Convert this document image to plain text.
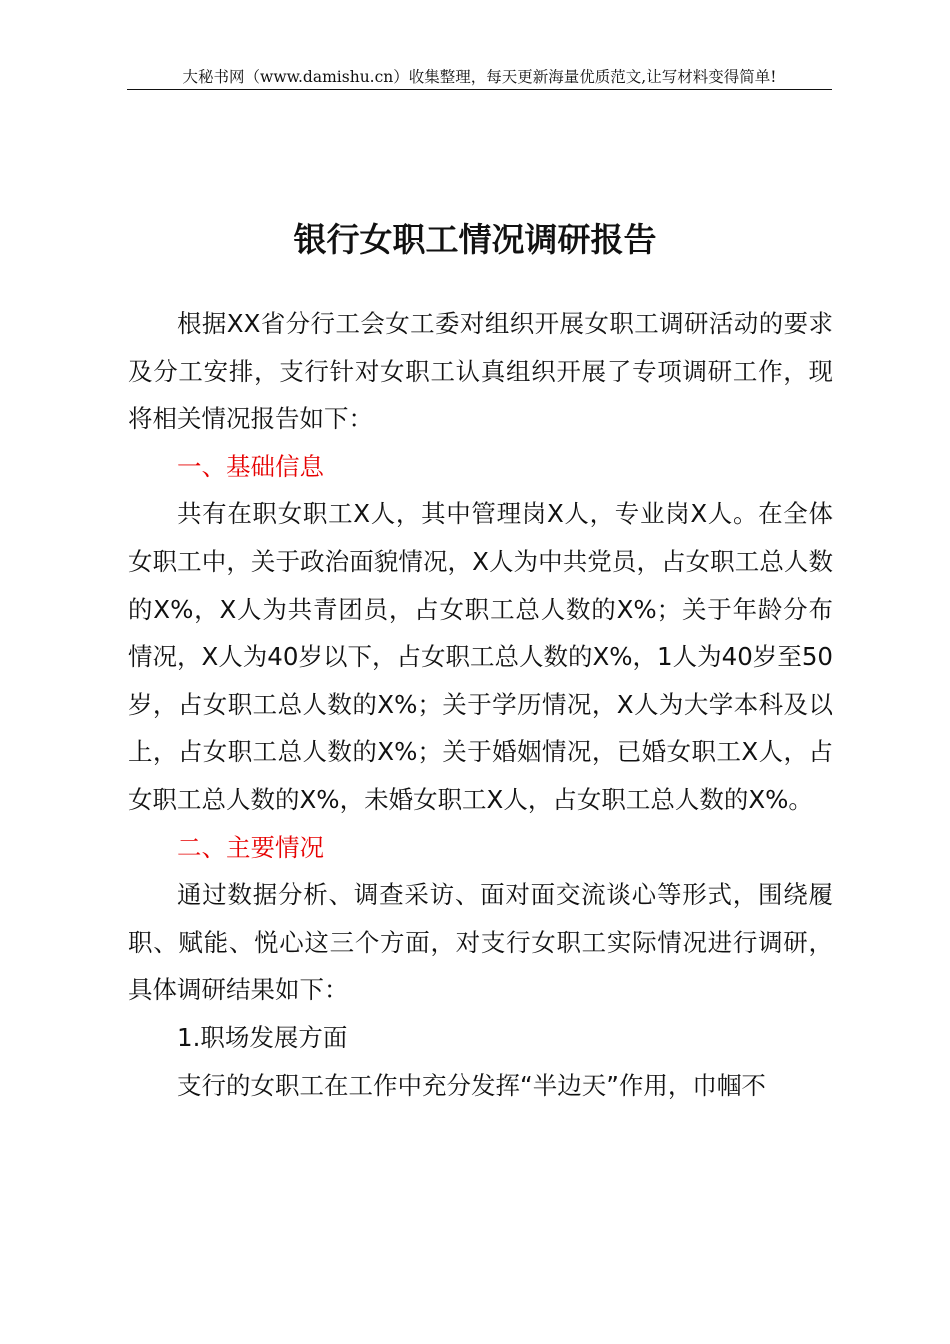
大秘书网（www.damishu.cn）收集整理，每天更新海量优质范文,让写材料变得简单!
银行女职工情况调研报告

根据XX省分行工会女工委对组织开展女职工调研活动的要求及分工安排，支行针对女职工认真组织开展了专项调研工作，现将相关情况报告如下：

一、基础信息

共有在职女职工X人，其中管理岗X人，专业岗X人。在全体女职工中，关于政治面貌情况，X人为中共党员，占女职工总人数的X%，X人为共青团员，占女职工总人数的X%；关于年龄分布情况，X人为40岁以下，占女职工总人数的X%，1人为40岁至50岁，占女职工总人数的X%；关于学历情况，X人为大学本科及以上，占女职工总人数的X%；关于婚姻情况，已婚女职工X人，占女职工总人数的X%，未婚女职工X人，占女职工总人数的X%。

二、主要情况

通过数据分析、调查采访、面对面交流谈心等形式，围绕履职、赋能、悦心这三个方面，对支行女职工实际情况进行调研，具体调研结果如下：

1.职场发展方面

支行的女职工在工作中充分发挥“半边天”作用，巾帼不
